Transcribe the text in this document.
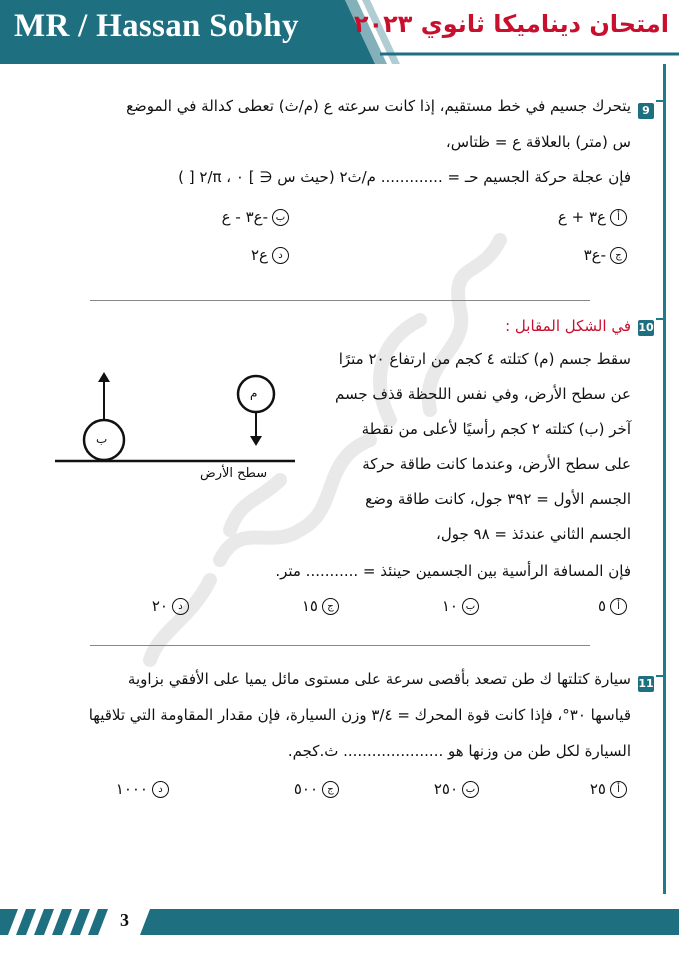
MR / Hassan Sobhy امتحان ديناميكا ثانوي ٢٠٢٣
9
يتحرك جسيم في خط مستقيم، إذا كانت سرعته ع (م/ث) تعطى كدالة في الموضع
س (متر) بالعلاقة ع = ظتاس،
فإن عجلة حركة الجسيم حـ = ............. م/ث٢ (حيث س ∈ ] ٠ ، π/٢ [ )
أ
ع٣ + ع
ب
-ع٣ - ع
ج
-ع٣
د
ع٢
10
في الشكل المقابل :
سقط جسم (م) كتلته ٤ كجم من ارتفاع ٢٠ مترًا
عن سطح الأرض، وفي نفس اللحظة قذف جسم
آخر (ب) كتلته ٢ كجم رأسيًا لأعلى من نقطة
على سطح الأرض، وعندما كانت طاقة حركة
الجسم الأول = ٣٩٢ جول، كانت طاقة وضع
الجسم الثاني عندئذ = ٩٨ جول،
فإن المسافة الرأسية بين الجسمين حينئذ = ........... متر.
ب
م
سطح الأرض
أ
٥
ب
١٠
ج
١٥
د
٢٠
11
سيارة كتلتها ك طن تصعد بأقصى سرعة على مستوى مائل يميا على الأفقي بزاوية
قياسها ٣٠°، فإذا كانت قوة المحرك = ٣/٤ وزن السيارة، فإن مقدار المقاومة التي تلاقيها
السيارة لكل طن من وزنها هو ..................... ث.كجم.
أ
٢٥
ب
٢٥٠
ج
٥٠٠
د
١٠٠٠
3
